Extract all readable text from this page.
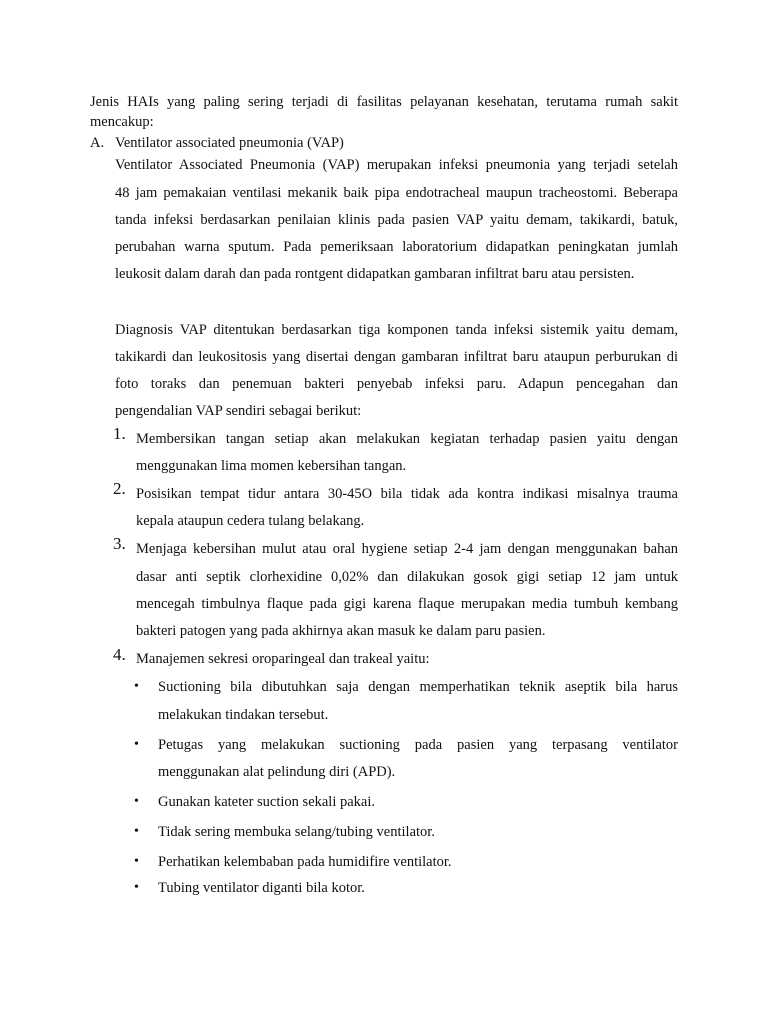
Jenis HAIs yang paling sering terjadi di fasilitas pelayanan kesehatan, terutama rumah sakit

mencakup:

A. Ventilator associated pneumonia (VAP)

Ventilator Associated Pneumonia (VAP) merupakan infeksi pneumonia yang terjadi setelah

48 jam pemakaian ventilasi mekanik baik pipa endotracheal maupun tracheostomi. Beberapa

tanda infeksi berdasarkan penilaian klinis pada pasien VAP yaitu demam, takikardi, batuk,

perubahan warna sputum. Pada pemeriksaan laboratorium didapatkan peningkatan jumlah

leukosit dalam darah dan pada rontgent didapatkan gambaran infiltrat baru atau persisten.

Diagnosis VAP ditentukan berdasarkan tiga komponen tanda infeksi sistemik yaitu demam,

takikardi dan leukositosis yang disertai dengan gambaran infiltrat baru ataupun perburukan di

foto toraks dan penemuan bakteri penyebab infeksi paru. Adapun pencegahan dan

pengendalian VAP sendiri sebagai berikut:

1. Membersikan tangan setiap akan melakukan kegiatan terhadap pasien yaitu dengan

menggunakan lima momen kebersihan tangan.

2. Posisikan tempat tidur antara 30-45O bila tidak ada kontra indikasi misalnya trauma

kepala ataupun cedera tulang belakang.

3. Menjaga kebersihan mulut atau oral hygiene setiap 2-4 jam dengan menggunakan bahan

dasar anti septik clorhexidine 0,02% dan dilakukan gosok gigi setiap 12 jam untuk

mencegah timbulnya flaque pada gigi karena flaque merupakan media tumbuh kembang

bakteri patogen yang pada akhirnya akan masuk ke dalam paru pasien.

4. Manajemen sekresi oroparingeal dan trakeal yaitu:

• Suctioning bila dibutuhkan saja dengan memperhatikan teknik aseptik bila harus

melakukan tindakan tersebut.

• Petugas yang melakukan suctioning pada pasien yang terpasang ventilator

menggunakan alat pelindung diri (APD).

• Gunakan kateter suction sekali pakai.

• Tidak sering membuka selang/tubing ventilator.

• Perhatikan kelembaban pada humidifire ventilator.

• Tubing ventilator diganti bila kotor.
